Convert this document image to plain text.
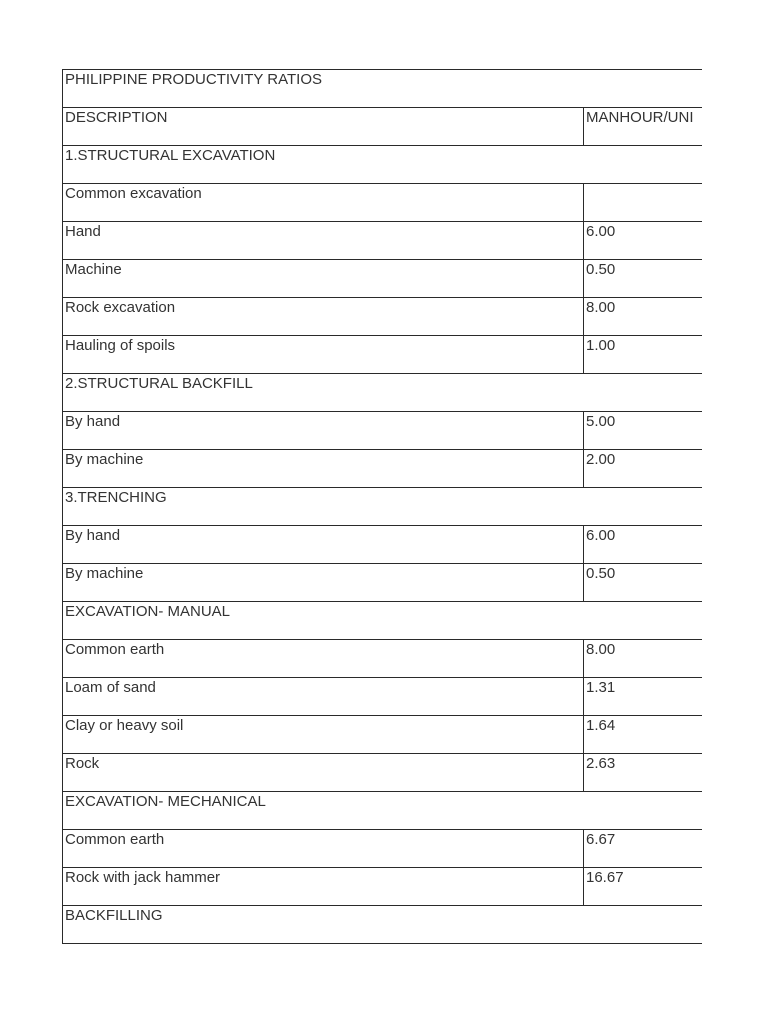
PHILIPPINE PRODUCTIVITY RATIOS	

DESCRIPTION	MANHOUR/UNI

1.STRUCTURAL EXCAVATION	

Common excavation	

Hand	6.00

Machine	0.50

Rock excavation	8.00

Hauling of spoils	1.00

2.STRUCTURAL BACKFILL	

By hand	5.00

By machine	2.00

3.TRENCHING	

By hand	6.00

By machine	0.50

EXCAVATION- MANUAL	

Common earth	8.00

Loam of sand	1.31

Clay or heavy soil	1.64

Rock	2.63

EXCAVATION- MECHANICAL	

Common earth	6.67

Rock with jack hammer	16.67

BACKFILLING	
